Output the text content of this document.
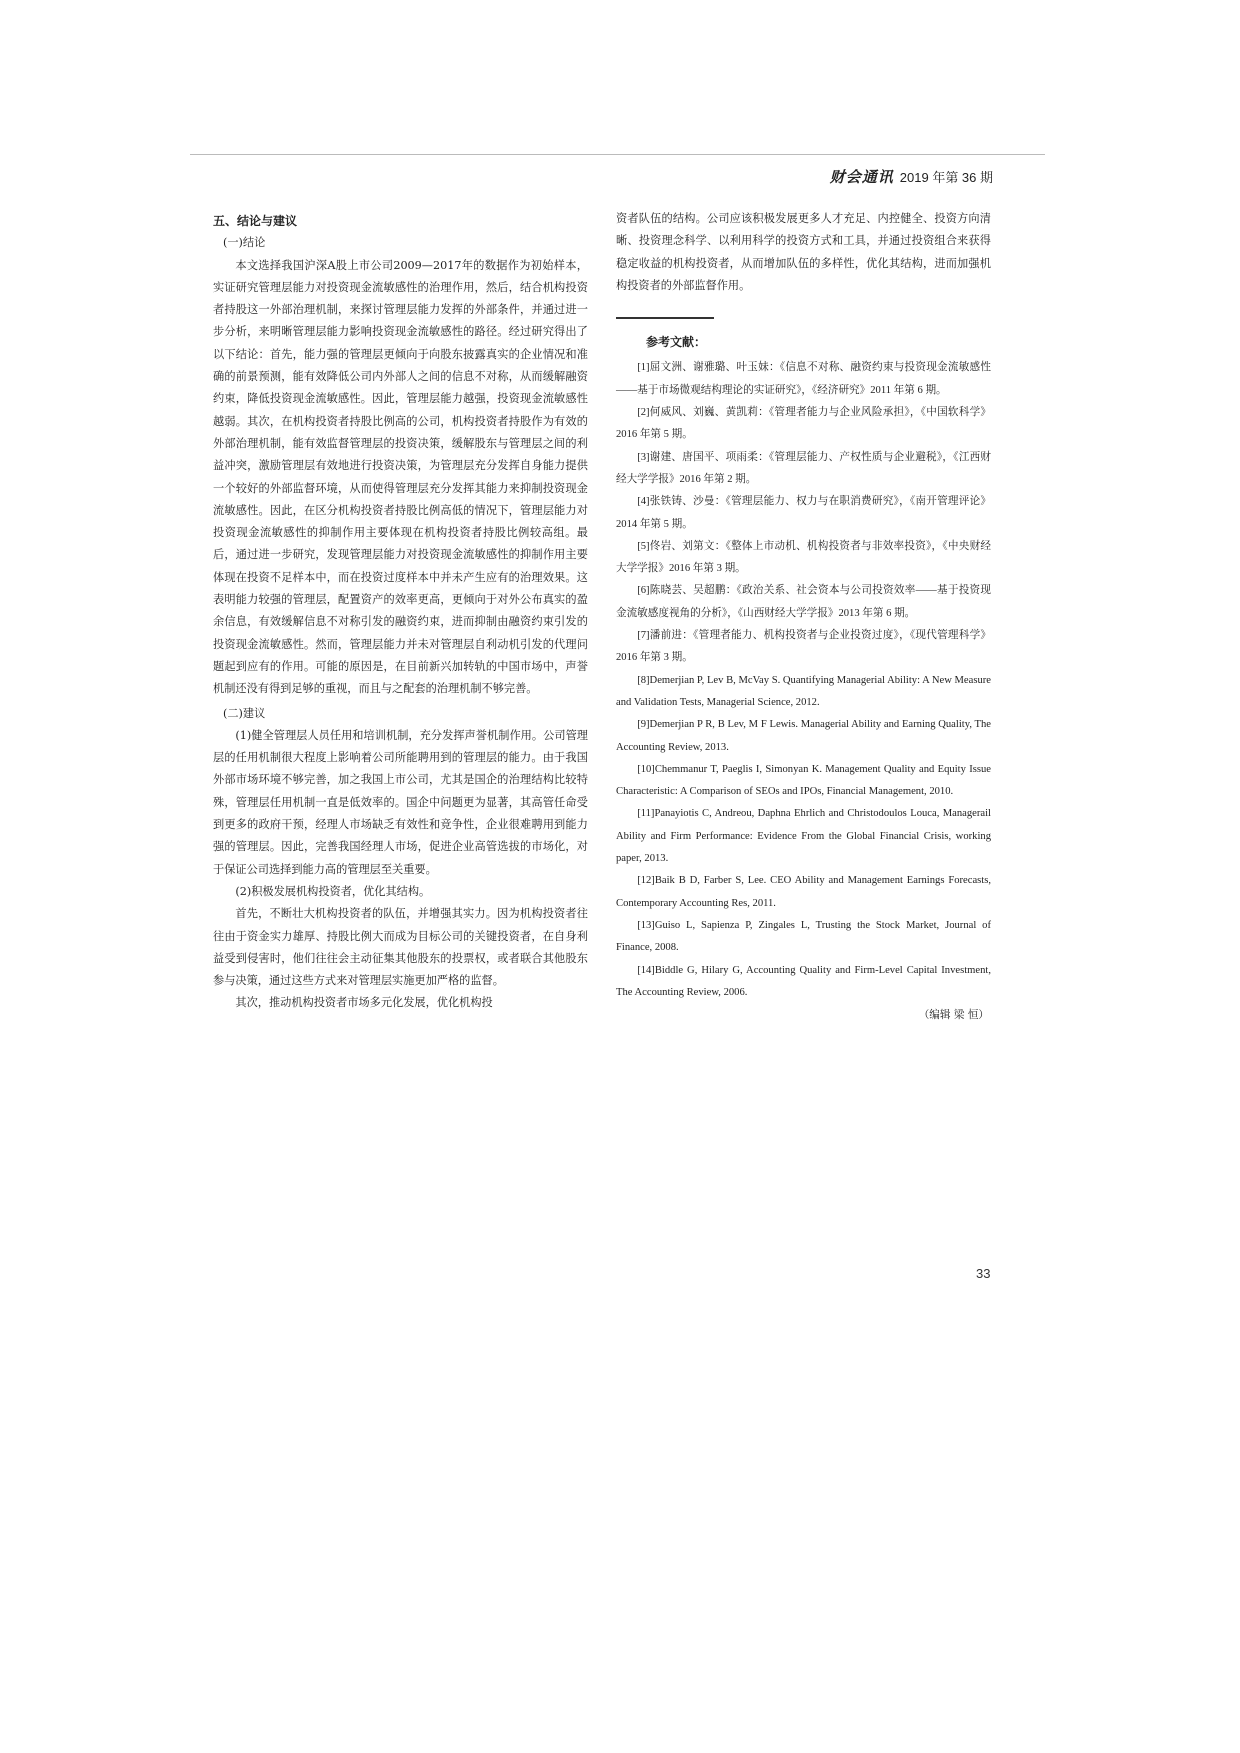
财会通讯 2019 年第 36 期

五、结论与建议

(一)结论

本文选择我国沪深A股上市公司2009—2017年的数据作为初始样本，实证研究管理层能力对投资现金流敏感性的治理作用，然后，结合机构投资者持股这一外部治理机制，来探讨管理层能力发挥的外部条件，并通过进一步分析，来明晰管理层能力影响投资现金流敏感性的路径。经过研究得出了以下结论：首先，能力强的管理层更倾向于向股东披露真实的企业情况和准确的前景预测，能有效降低公司内外部人之间的信息不对称，从而缓解融资约束，降低投资现金流敏感性。因此，管理层能力越强，投资现金流敏感性越弱。其次，在机构投资者持股比例高的公司，机构投资者持股作为有效的外部治理机制，能有效监督管理层的投资决策，缓解股东与管理层之间的利益冲突，激励管理层有效地进行投资决策，为管理层充分发挥自身能力提供一个较好的外部监督环境，从而使得管理层充分发挥其能力来抑制投资现金流敏感性。因此，在区分机构投资者持股比例高低的情况下，管理层能力对投资现金流敏感性的抑制作用主要体现在机构投资者持股比例较高组。最后，通过进一步研究，发现管理层能力对投资现金流敏感性的抑制作用主要体现在投资不足样本中，而在投资过度样本中并未产生应有的治理效果。这表明能力较强的管理层，配置资产的效率更高，更倾向于对外公布真实的盈余信息，有效缓解信息不对称引发的融资约束，进而抑制由融资约束引发的投资现金流敏感性。然而，管理层能力并未对管理层自利动机引发的代理问题起到应有的作用。可能的原因是，在目前新兴加转轨的中国市场中，声誉机制还没有得到足够的重视，而且与之配套的治理机制不够完善。

(二)建议

(1)健全管理层人员任用和培训机制，充分发挥声誉机制作用。公司管理层的任用机制很大程度上影响着公司所能聘用到的管理层的能力。由于我国外部市场环境不够完善，加之我国上市公司，尤其是国企的治理结构比较特殊，管理层任用机制一直是低效率的。国企中问题更为显著，其高管任命受到更多的政府干预，经理人市场缺乏有效性和竞争性，企业很难聘用到能力强的管理层。因此，完善我国经理人市场，促进企业高管选拔的市场化，对于保证公司选择到能力高的管理层至关重要。

(2)积极发展机构投资者，优化其结构。

首先，不断壮大机构投资者的队伍，并增强其实力。因为机构投资者往往由于资金实力雄厚、持股比例大而成为目标公司的关键投资者，在自身利益受到侵害时，他们往往会主动征集其他股东的投票权，或者联合其他股东参与决策，通过这些方式来对管理层实施更加严格的监督。

其次，推动机构投资者市场多元化发展，优化机构投

资者队伍的结构。公司应该积极发展更多人才充足、内控健全、投资方向清晰、投资理念科学、以利用科学的投资方式和工具，并通过投资组合来获得稳定收益的机构投资者，从而增加队伍的多样性，优化其结构，进而加强机构投资者的外部监督作用。

参考文献：

[1]屈文洲、谢雅璐、叶玉妹：《信息不对称、融资约束与投资现金流敏感性——基于市场微观结构理论的实证研究》，《经济研究》2011 年第 6 期。

[2]何威风、刘巍、黄凯莉：《管理者能力与企业风险承担》，《中国软科学》2016 年第 5 期。

[3]谢建、唐国平、项雨柔：《管理层能力、产权性质与企业避税》，《江西财经大学学报》2016 年第 2 期。

[4]张铁铸、沙曼：《管理层能力、权力与在职消费研究》，《南开管理评论》2014 年第 5 期。

[5]佟岩、刘第文：《整体上市动机、机构投资者与非效率投资》，《中央财经大学学报》2016 年第 3 期。

[6]陈晓芸、吴超鹏：《政治关系、社会资本与公司投资效率——基于投资现金流敏感度视角的分析》，《山西财经大学学报》2013 年第 6 期。

[7]潘前进：《管理者能力、机构投资者与企业投资过度》，《现代管理科学》2016 年第 3 期。

[8]Demerjian P, Lev B, McVay S. Quantifying Managerial Ability: A New Measure and Validation Tests, Managerial Science, 2012.

[9]Demerjian P R, B Lev, M F Lewis. Managerial Ability and Earning Quality, The Accounting Review, 2013.

[10]Chemmanur T, Paeglis I, Simonyan K. Management Quality and Equity Issue Characteristic: A Comparison of SEOs and IPOs, Financial Management, 2010.

[11]Panayiotis C, Andreou, Daphna Ehrlich and Christodoulos Louca, Managerail Ability and Firm Performance: Evidence From the Global Financial Crisis, working paper, 2013.

[12]Baik B D, Farber S, Lee. CEO Ability and Management Earnings Forecasts, Contemporary Accounting Res, 2011.

[13]Guiso L, Sapienza P, Zingales L, Trusting the Stock Market, Journal of Finance, 2008.

[14]Biddle G, Hilary G, Accounting Quality and Firm-Level Capital Investment, The Accounting Review, 2006.

（编辑 梁 恒）

33
